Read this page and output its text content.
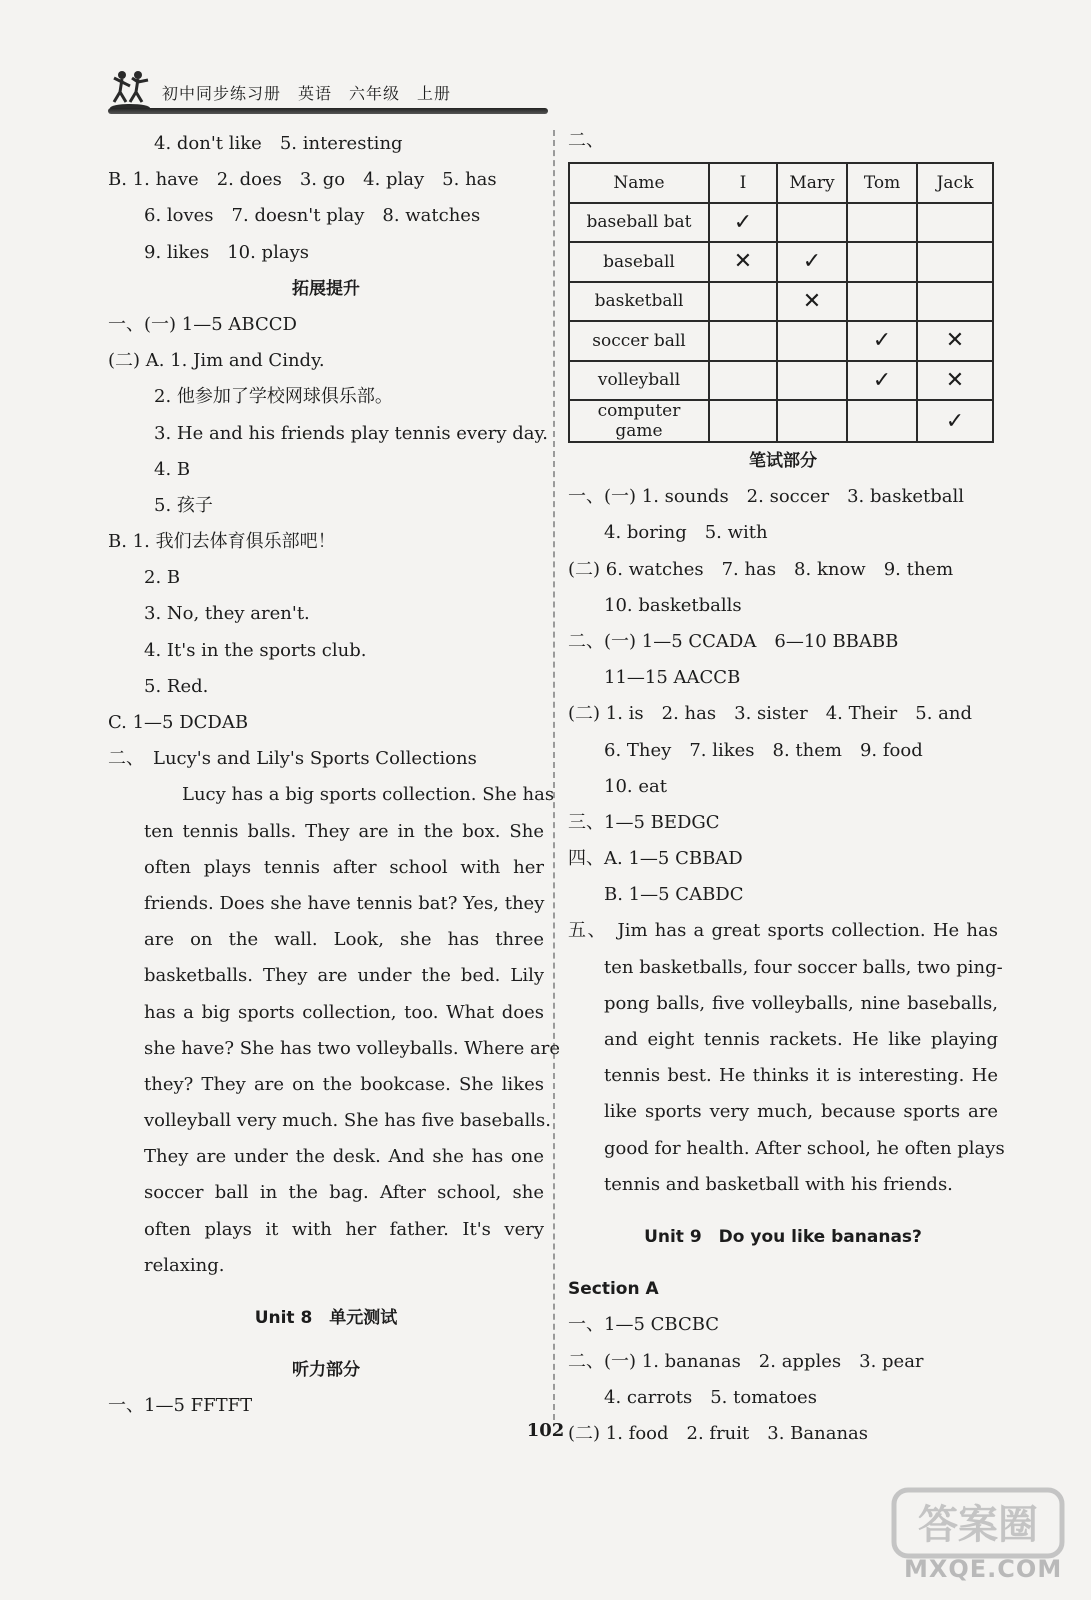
初中同步练习册　英语　六年级　上册
4. don't like　5. interesting
B. 1. have　2. does　3. go　4. play　5. has
6. loves　7. doesn't play　8. watches
9. likes　10. plays
拓展提升
一、(一) 1—5 ABCCD
(二) A. 1. Jim and Cindy.
2. 他参加了学校网球俱乐部。
3. He and his friends play tennis every day.
4. B
5. 孩子
B. 1. 我们去体育俱乐部吧！
2. B
3. No, they aren't.
4. It's in the sports club.
5. Red.
C. 1—5 DCDAB
二、　Lucy's and Lily's Sports Collections
Lucy has a big sports collection. She has
ten tennis balls. They are in the box. She
often plays tennis after school with her
friends. Does she have tennis bat? Yes, they
are on the wall. Look, she has three
basketballs. They are under the bed. Lily
has a big sports collection, too. What does
she have? She has two volleyballs. Where are
they? They are on the bookcase. She likes
volleyball very much. She has five baseballs.
They are under the desk. And she has one
soccer ball in the bag. After school, she
often plays it with her father. It's very
relaxing.
Unit 8　单元测试
听力部分
一、1—5 FFTFT
二、
Name	I	Mary	Tom	Jack
baseball bat	✓			
baseball	✕	✓		
basketball		✕		
soccer ball			✓	✕
volleyball			✓	✕
computer game				✓
笔试部分
一、(一) 1. sounds　2. soccer　3. basketball
4. boring　5. with
(二) 6. watches　7. has　8. know　9. them
10. basketballs
二、(一) 1—5 CCADA　6—10 BBABB
11—15 AACCB
(二) 1. is　2. has　3. sister　4. Their　5. and
6. They　7. likes　8. them　9. food
10. eat
三、1—5 BEDGC
四、A. 1—5 CBBAD
B. 1—5 CABDC
五、　Jim has a great sports collection. He has
ten basketballs, four soccer balls, two ping-
pong balls, five volleyballs, nine baseballs,
and eight tennis rackets. He like playing
tennis best. He thinks it is interesting. He
like sports very much, because sports are
good for health. After school, he often plays
tennis and basketball with his friends.
Unit 9　Do you like bananas?
Section A
一、1—5 CBCBC
二、(一) 1. bananas　2. apples　3. pear
4. carrots　5. tomatoes
(二) 1. food　2. fruit　3. Bananas
102
答案圈
MXQE.COM
